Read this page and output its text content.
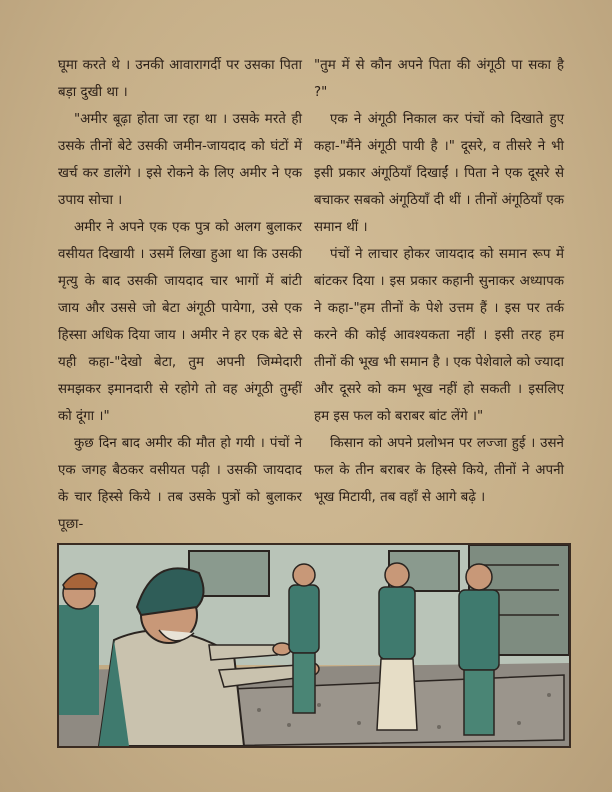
घूमा करते थे । उनकी आवारागर्दी पर उसका पिता बड़ा दुखी था ।

"अमीर बूढ़ा होता जा रहा था । उसके मरते ही उसके तीनों बेटे उसकी जमीन-जायदाद को घंटों में खर्च कर डालेंगे । इसे रोकने के लिए अमीर ने एक उपाय सोचा ।

अमीर ने अपने एक एक पुत्र को अलग बुलाकर वसीयत दिखायी । उसमें लिखा हुआ था कि उसकी मृत्यु के बाद उसकी जायदाद चार भागों में बांटी जाय और उससे जो बेटा अंगूठी पायेगा, उसे एक हिस्सा अधिक दिया जाय । अमीर ने हर एक बेटे से यही कहा-"देखो बेटा, तुम अपनी जिम्मेदारी समझकर इमानदारी से रहोगे तो वह अंगूठी तुम्हीं को दूंगा ।"

कुछ दिन बाद अमीर की मौत हो गयी । पंचों ने एक जगह बैठकर वसीयत पढ़ी । उसकी जायदाद के चार हिस्से किये । तब उसके पुत्रों को बुलाकर पूछा-

"तुम में से कौन अपने पिता की अंगूठी पा सका है ?"

एक ने अंगूठी निकाल कर पंचों को दिखाते हुए कहा-"मैंने अंगूठी पायी है ।" दूसरे, व तीसरे ने भी इसी प्रकार अंगूठियाँ दिखाईं । पिता ने एक दूसरे से बचाकर सबको अंगूठियाँ दी थीं । तीनों अंगूठियाँ एक समान थीं ।

पंचों ने लाचार होकर जायदाद को समान रूप में बांटकर दिया । इस प्रकार कहानी सुनाकर अध्यापक ने कहा-"हम तीनों के पेशे उत्तम हैं । इस पर तर्क करने की कोई आवश्यकता नहीं । इसी तरह हम तीनों की भूख भी समान है । एक पेशेवाले को ज्यादा और दूसरे को कम भूख नहीं हो सकती । इसलिए हम इस फल को बराबर बांट लेंगे ।"

किसान को अपने प्रलोभन पर लज्जा हुई । उसने फल के तीन बराबर के हिस्से किये, तीनों ने अपनी भूख मिटायी, तब वहाँ से आगे बढ़े ।
